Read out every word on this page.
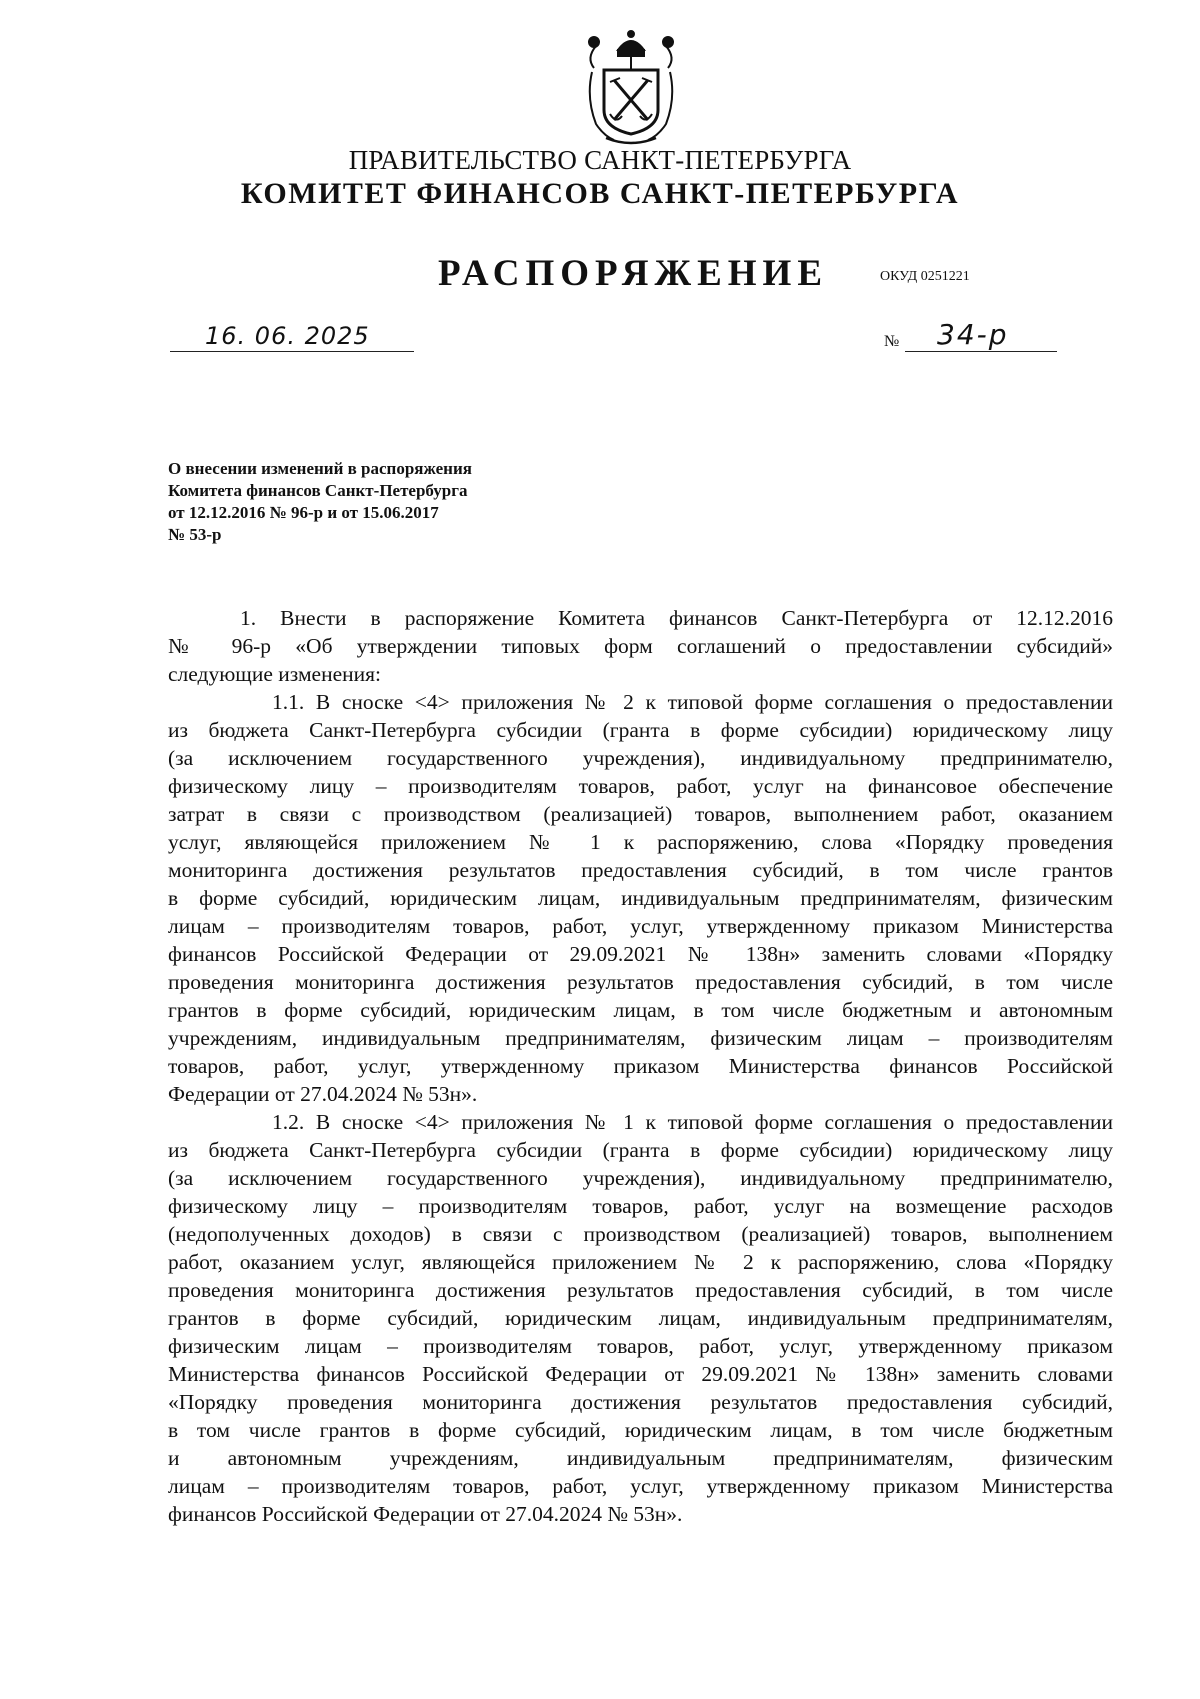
ПРАВИТЕЛЬСТВО САНКТ-ПЕТЕРБУРГА
КОМИТЕТ ФИНАНСОВ САНКТ-ПЕТЕРБУРГА
РАСПОРЯЖЕНИЕ	ОКУД 0251221
16. 06. 2025	№ 34-р
О внесении изменений в распоряжения
Комитета финансов Санкт-Петербурга
от 12.12.2016 № 96-р и от 15.06.2017
№ 53-р
1. Внести в распоряжение Комитета финансов Санкт-Петербурга от 12.12.2016
№ 96-р «Об утверждении типовых форм соглашений о предоставлении субсидий»
следующие изменения:
1.1. В сноске <4> приложения № 2 к типовой форме соглашения о предоставлении
из бюджета Санкт-Петербурга субсидии (гранта в форме субсидии) юридическому лицу
(за исключением государственного учреждения), индивидуальному предпринимателю,
физическому лицу – производителям товаров, работ, услуг на финансовое обеспечение
затрат в связи с производством (реализацией) товаров, выполнением работ, оказанием
услуг, являющейся приложением № 1 к распоряжению, слова «Порядку проведения
мониторинга достижения результатов предоставления субсидий, в том числе грантов
в форме субсидий, юридическим лицам, индивидуальным предпринимателям, физическим
лицам – производителям товаров, работ, услуг, утвержденному приказом Министерства
финансов Российской Федерации от 29.09.2021 № 138н» заменить словами «Порядку
проведения мониторинга достижения результатов предоставления субсидий, в том числе
грантов в форме субсидий, юридическим лицам, в том числе бюджетным и автономным
учреждениям, индивидуальным предпринимателям, физическим лицам – производителям
товаров, работ, услуг, утвержденному приказом Министерства финансов Российской
Федерации от 27.04.2024 № 53н».
1.2. В сноске <4> приложения № 1 к типовой форме соглашения о предоставлении
из бюджета Санкт-Петербурга субсидии (гранта в форме субсидии) юридическому лицу
(за исключением государственного учреждения), индивидуальному предпринимателю,
физическому лицу – производителям товаров, работ, услуг на возмещение расходов
(недополученных доходов) в связи с производством (реализацией) товаров, выполнением
работ, оказанием услуг, являющейся приложением № 2 к распоряжению, слова «Порядку
проведения мониторинга достижения результатов предоставления субсидий, в том числе
грантов в форме субсидий, юридическим лицам, индивидуальным предпринимателям,
физическим лицам – производителям товаров, работ, услуг, утвержденному приказом
Министерства финансов Российской Федерации от 29.09.2021 № 138н» заменить словами
«Порядку проведения мониторинга достижения результатов предоставления субсидий,
в том числе грантов в форме субсидий, юридическим лицам, в том числе бюджетным
и автономным учреждениям, индивидуальным предпринимателям, физическим
лицам – производителям товаров, работ, услуг, утвержденному приказом Министерства
финансов Российской Федерации от 27.04.2024 № 53н».
